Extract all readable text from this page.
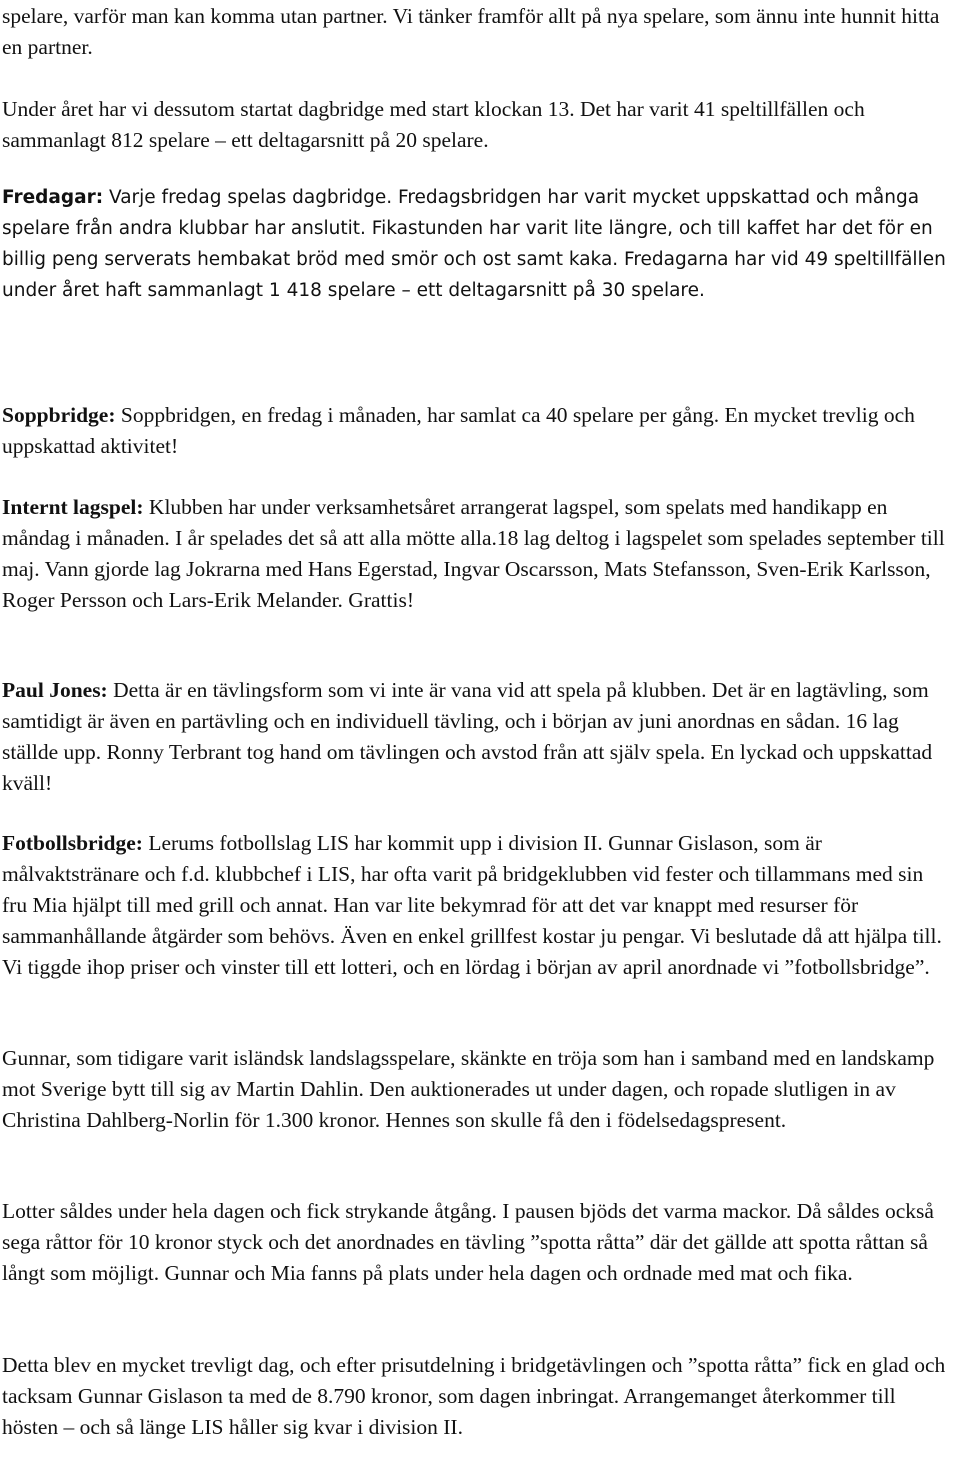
spelare, varför man kan komma utan partner. Vi tänker framför allt på nya spelare, som ännu inte hunnit hitta en partner.

Under året har vi dessutom startat dagbridge med start klockan 13. Det har varit 41 speltillfällen och sammanlagt 812 spelare – ett deltagarsnitt på 20 spelare.

Fredagar: Varje fredag spelas dagbridge. Fredagsbridgen har varit mycket uppskattad och många spelare från andra klubbar har anslutit. Fikastunden har varit lite längre, och till kaffet har det för en billig peng serverats hembakat bröd med smör och ost samt kaka. Fredagarna har vid 49 speltillfällen under året haft sammanlagt 1 418 spelare – ett deltagarsnitt på 30 spelare.

Soppbridge: Soppbridgen, en fredag i månaden, har samlat ca 40 spelare per gång. En mycket trevlig och uppskattad aktivitet!

Internt lagspel: Klubben har under verksamhetsåret arrangerat lagspel, som spelats med handikapp en måndag i månaden. I år spelades det så att alla mötte alla.18 lag deltog i lagspelet som spelades september till maj. Vann gjorde lag Jokrarna med Hans Egerstad, Ingvar Oscarsson, Mats Stefansson, Sven-Erik Karlsson, Roger Persson och Lars-Erik Melander. Grattis!

Paul Jones: Detta är en tävlingsform som vi inte är vana vid att spela på klubben. Det är en lagtävling, som samtidigt är även en partävling och en individuell tävling, och i början av juni anordnas en sådan. 16 lag ställde upp. Ronny Terbrant tog hand om tävlingen och avstod från att själv spela. En lyckad och uppskattad kväll!

Fotbollsbridge: Lerums fotbollslag LIS har kommit upp i division II. Gunnar Gislason, som är målvaktstränare och f.d. klubbchef i LIS, har ofta varit på bridgeklubben vid fester och tillammans med sin fru Mia hjälpt till med grill och annat. Han var lite bekymrad för att det var knappt med resurser för sammanhållande åtgärder som behövs. Även en enkel grillfest kostar ju pengar. Vi beslutade då att hjälpa till. Vi tiggde ihop priser och vinster till ett lotteri, och en lördag i början av april anordnade vi ”fotbollsbridge”.

Gunnar, som tidigare varit isländsk landslagsspelare, skänkte en tröja som han i samband med en landskamp mot Sverige bytt till sig av Martin Dahlin. Den auktionerades ut under dagen, och ropade slutligen in av Christina Dahlberg-Norlin för 1.300 kronor. Hennes son skulle få den i födelsedagspresent.

Lotter såldes under hela dagen och fick strykande åtgång. I pausen bjöds det varma mackor. Då såldes också sega råttor för 10 kronor styck och det anordnades en tävling ”spotta råtta” där det gällde att spotta råttan så långt som möjligt. Gunnar och Mia fanns på plats under hela dagen och ordnade med mat och fika.

Detta blev en mycket trevligt dag, och efter prisutdelning i bridgetävlingen och ”spotta råtta” fick en glad och tacksam Gunnar Gislason ta med de 8.790 kronor, som dagen inbringat. Arrangemanget återkommer till hösten – och så länge LIS håller sig kvar i division II.
